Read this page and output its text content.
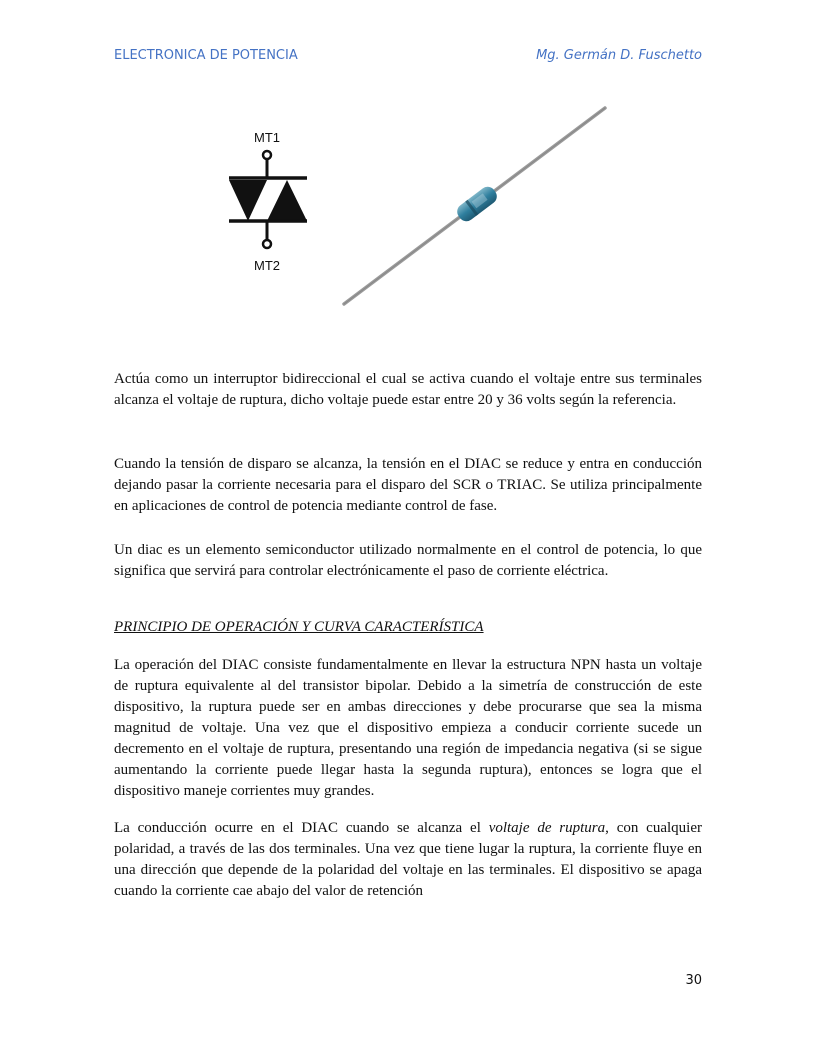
ELECTRONICA DE POTENCIA	Mg. Germán D. Fuschetto
MT1
MT2

Actúa como un interruptor bidireccional el cual se activa cuando el voltaje entre sus terminales alcanza el voltaje de ruptura, dicho voltaje puede estar entre 20 y 36 volts según la referencia.

Cuando la tensión de disparo se alcanza, la tensión en el DIAC se reduce y entra en conducción dejando pasar la corriente necesaria para el disparo del SCR o TRIAC. Se utiliza principalmente en aplicaciones de control de potencia mediante control de fase.

Un diac es un elemento semiconductor utilizado normalmente en el control de potencia, lo que significa que servirá para controlar electrónicamente el paso de corriente eléctrica.

PRINCIPIO DE OPERACIÓN Y CURVA CARACTERÍSTICA

La operación del DIAC consiste fundamentalmente en llevar la estructura NPN hasta un voltaje de ruptura equivalente al del transistor bipolar. Debido a la simetría de construcción de este dispositivo, la ruptura puede ser en ambas direcciones y debe procurarse que sea la misma magnitud de voltaje. Una vez que el dispositivo empieza a conducir corriente sucede un decremento en el voltaje de ruptura, presentando una región de impedancia negativa (si se sigue aumentando la corriente puede llegar hasta la segunda ruptura), entonces se logra que el dispositivo maneje corrientes muy grandes.

La conducción ocurre en el DIAC cuando se alcanza el voltaje de ruptura, con cualquier polaridad, a través de las dos terminales. Una vez que tiene lugar la ruptura, la corriente fluye en una dirección que depende de la polaridad del voltaje en las terminales. El dispositivo se apaga cuando la corriente cae abajo del valor de retención

30
